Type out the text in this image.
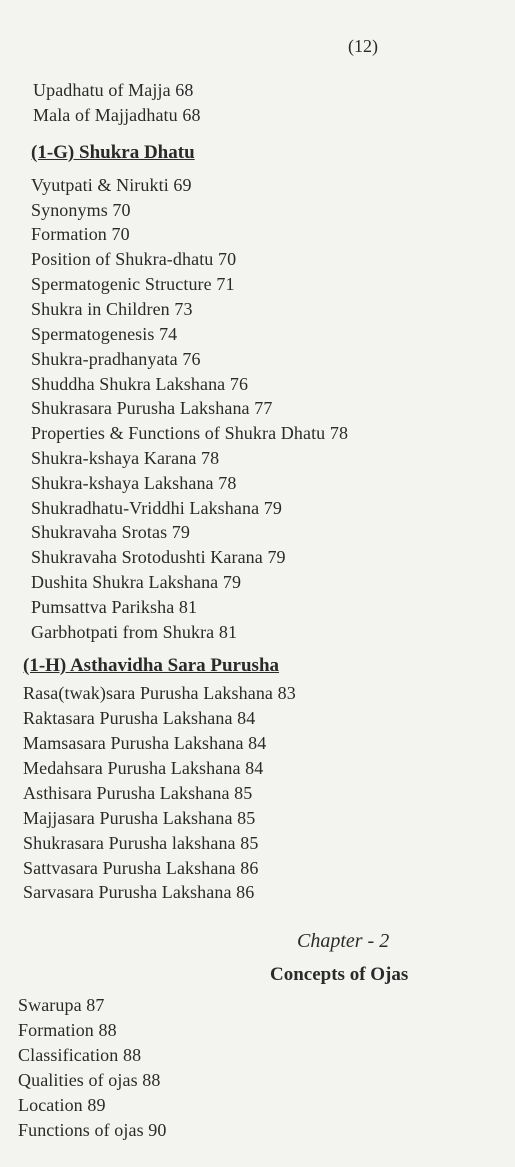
(12)
Upadhatu of Majja 68
Mala of Majjadhatu 68
(1-G) Shukra Dhatu
Vyutpati & Nirukti 69
Synonyms 70
Formation 70
Position of Shukra-dhatu 70
Spermatogenic Structure 71
Shukra in Children 73
Spermatogenesis 74
Shukra-pradhanyata 76
Shuddha Shukra Lakshana 76
Shukrasara Purusha Lakshana 77
Properties & Functions of Shukra Dhatu 78
Shukra-kshaya Karana 78
Shukra-kshaya Lakshana 78
Shukradhatu-Vriddhi Lakshana 79
Shukravaha Srotas 79
Shukravaha Srotodushti Karana 79
Dushita Shukra Lakshana 79
Pumsattva Pariksha 81
Garbhotpati from Shukra 81
(1-H) Asthavidha Sara Purusha
Rasa(twak)sara Purusha Lakshana 83
Raktasara Purusha Lakshana 84
Mamsasara Purusha Lakshana 84
Medahsara Purusha Lakshana 84
Asthisara Purusha Lakshana 85
Majjasara Purusha Lakshana 85
Shukrasara Purusha lakshana 85
Sattvasara Purusha Lakshana 86
Sarvasara Purusha Lakshana 86
Chapter - 2
Concepts of Ojas
Swarupa 87
Formation 88
Classification 88
Qualities of ojas 88
Location 89
Functions of ojas 90
